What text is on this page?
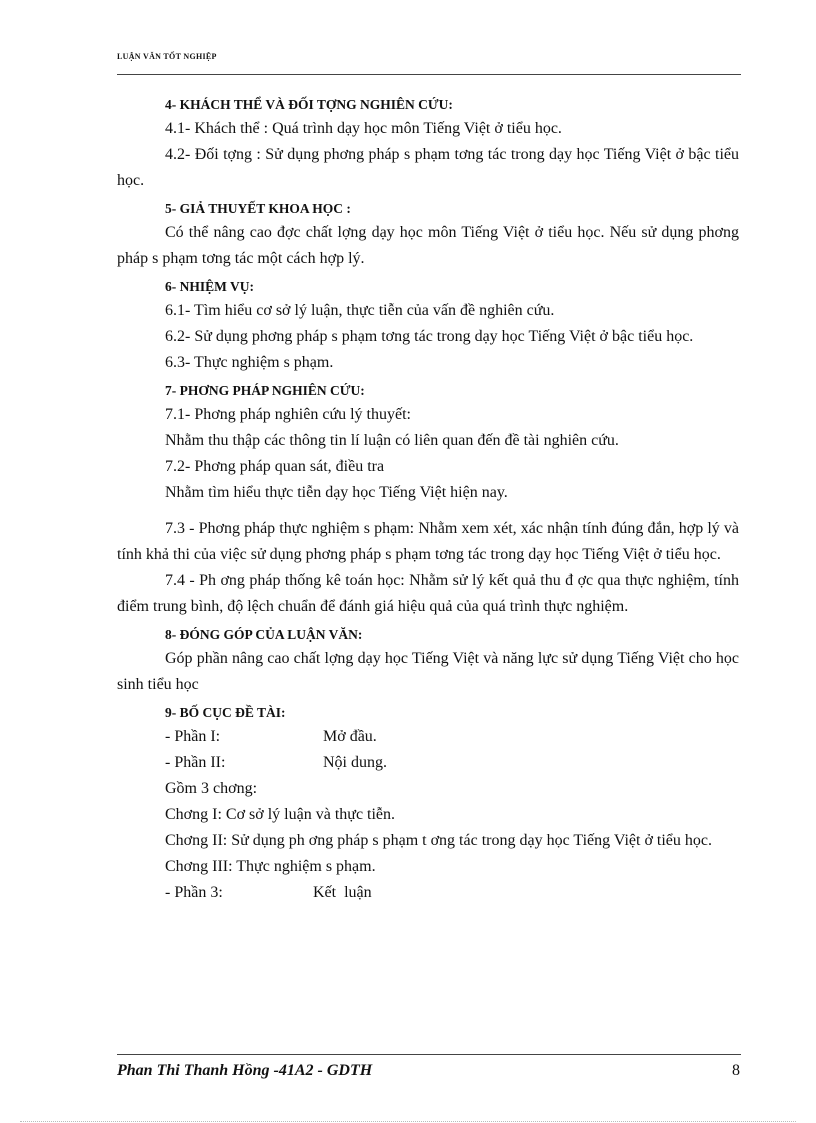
LUẬN VĂN TỐT NGHIỆP

4- KHÁCH THỂ VÀ ĐỐI TỢNG NGHIÊN CỨU:

4.1- Khách thể : Quá trình dạy học môn Tiếng Việt ở tiểu học.

4.2- Đối tợng : Sử dụng phơng pháp s phạm tơng tác trong dạy học Tiếng Việt ở bậc tiểu học.

5- GIẢ THUYẾT KHOA HỌC :

Có thể nâng cao đợc chất lợng dạy học môn Tiếng Việt ở tiểu học. Nếu sử dụng phơng pháp s phạm tơng tác một cách hợp lý.

6- NHIỆM VỤ:

6.1- Tìm hiểu cơ sở lý luận, thực tiễn của vấn đề nghiên cứu.

6.2- Sử dụng phơng pháp s phạm tơng tác trong dạy học Tiếng Việt ở bậc tiểu học.

6.3- Thực nghiệm s phạm.

7- PHƠNG PHÁP NGHIÊN CỨU:

7.1- Phơng pháp nghiên cứu lý thuyết:

Nhằm thu thập các thông tin lí luận có liên quan đến đề tài nghiên cứu.

7.2- Phơng pháp quan sát, điều tra

Nhằm tìm hiểu thực tiễn dạy học Tiếng Việt hiện nay.

7.3 - Phơng pháp thực nghiệm s phạm: Nhằm xem xét, xác nhận tính đúng đắn, hợp lý và tính khả thi của việc sử dụng phơng pháp s phạm tơng tác trong dạy học Tiếng Việt ở tiểu học.

7.4 - Ph ơng pháp thống kê toán học: Nhằm sử lý kết quả thu đ ợc qua thực nghiệm, tính điểm trung bình, độ lệch chuẩn để đánh giá hiệu quả của quá trình thực nghiệm.

8- ĐÓNG GÓP CỦA LUẬN VĂN:

Góp phần nâng cao chất lợng dạy học Tiếng Việt và năng lực sử dụng Tiếng Việt cho học sinh tiểu học

9- BỐ CỤC ĐỀ TÀI:

- Phần I:	Mở đầu.

- Phần II:	Nội dung.

Gồm 3 chơng:

Chơng I: Cơ sở lý luận và thực tiễn.

Chơng II: Sử dụng ph ơng pháp s phạm t ơng tác trong dạy học Tiếng Việt ở tiểu học.

Chơng III: Thực nghiệm s phạm.

- Phần 3:	Kết  luận

Phan Thi Thanh Hồng -41A2 - GDTH	8
